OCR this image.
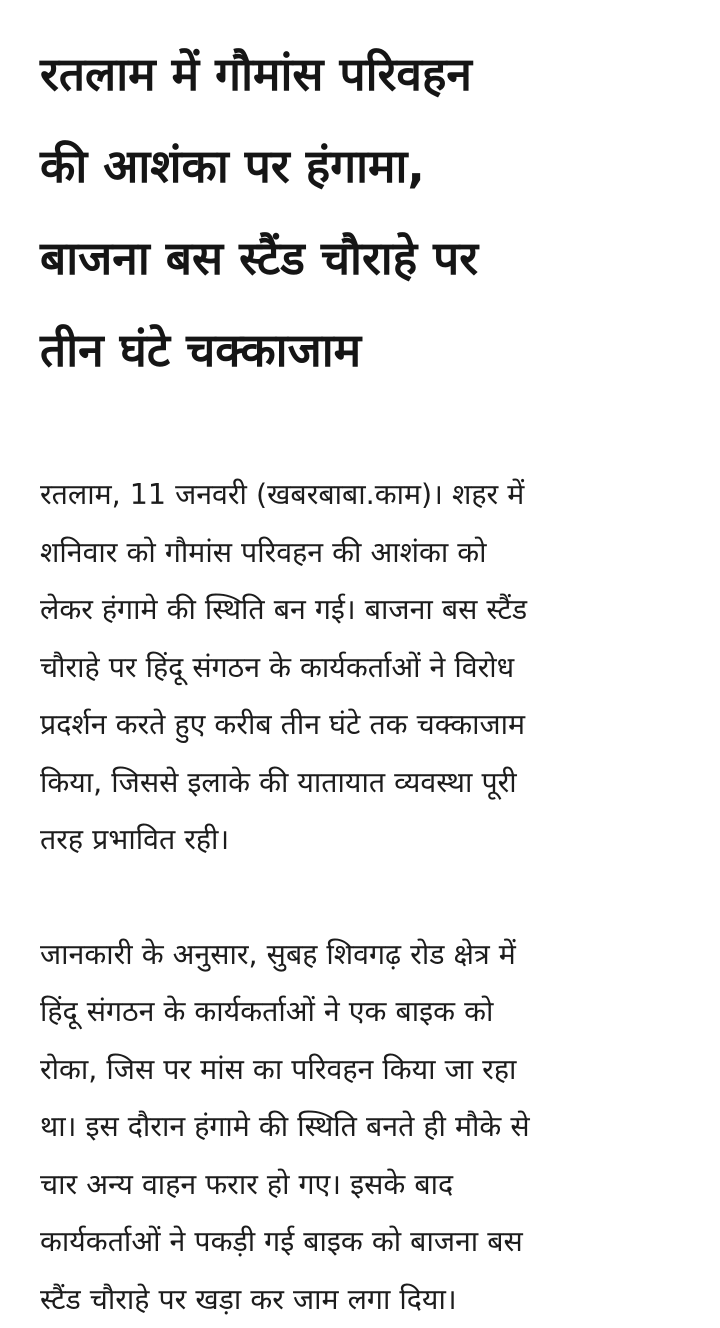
रतलाम में गौमांस परिवहन
की आशंका पर हंगामा,
बाजना बस स्टैंड चौराहे पर
तीन घंटे चक्काजाम

रतलाम, 11 जनवरी (खबरबाबा.काम)। शहर में
शनिवार को गौमांस परिवहन की आशंका को
लेकर हंगामे की स्थिति बन गई। बाजना बस स्टैंड
चौराहे पर हिंदू संगठन के कार्यकर्ताओं ने विरोध
प्रदर्शन करते हुए करीब तीन घंटे तक चक्काजाम
किया, जिससे इलाके की यातायात व्यवस्था पूरी
तरह प्रभावित रही।

जानकारी के अनुसार, सुबह शिवगढ़ रोड क्षेत्र में
हिंदू संगठन के कार्यकर्ताओं ने एक बाइक को
रोका, जिस पर मांस का परिवहन किया जा रहा
था। इस दौरान हंगामे की स्थिति बनते ही मौके से
चार अन्य वाहन फरार हो गए। इसके बाद
कार्यकर्ताओं ने पकड़ी गई बाइक को बाजना बस
स्टैंड चौराहे पर खड़ा कर जाम लगा दिया।
